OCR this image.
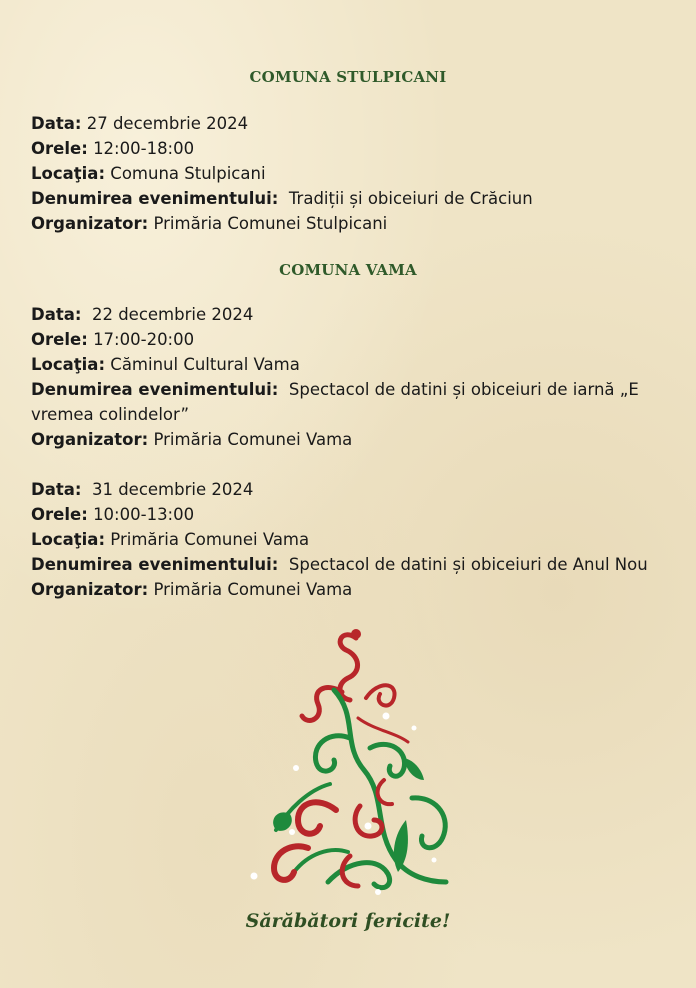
COMUNA STULPICANI
Data: 27 decembrie 2024
Orele: 12:00-18:00
Locaţia: Comuna Stulpicani
Denumirea evenimentului: Tradiții și obiceiuri de Crăciun
Organizator: Primăria Comunei Stulpicani
COMUNA VAMA
Data: 22 decembrie 2024
Orele: 17:00-20:00
Locaţia: Căminul Cultural Vama
Denumirea evenimentului: Spectacol de datini și obiceiuri de iarnă „E vremea colindelor”
Organizator: Primăria Comunei Vama
Data: 31 decembrie 2024
Orele: 10:00-13:00
Locaţia: Primăria Comunei Vama
Denumirea evenimentului: Spectacol de datini și obiceiuri de Anul Nou
Organizator: Primăria Comunei Vama
Sărăbători fericite!
